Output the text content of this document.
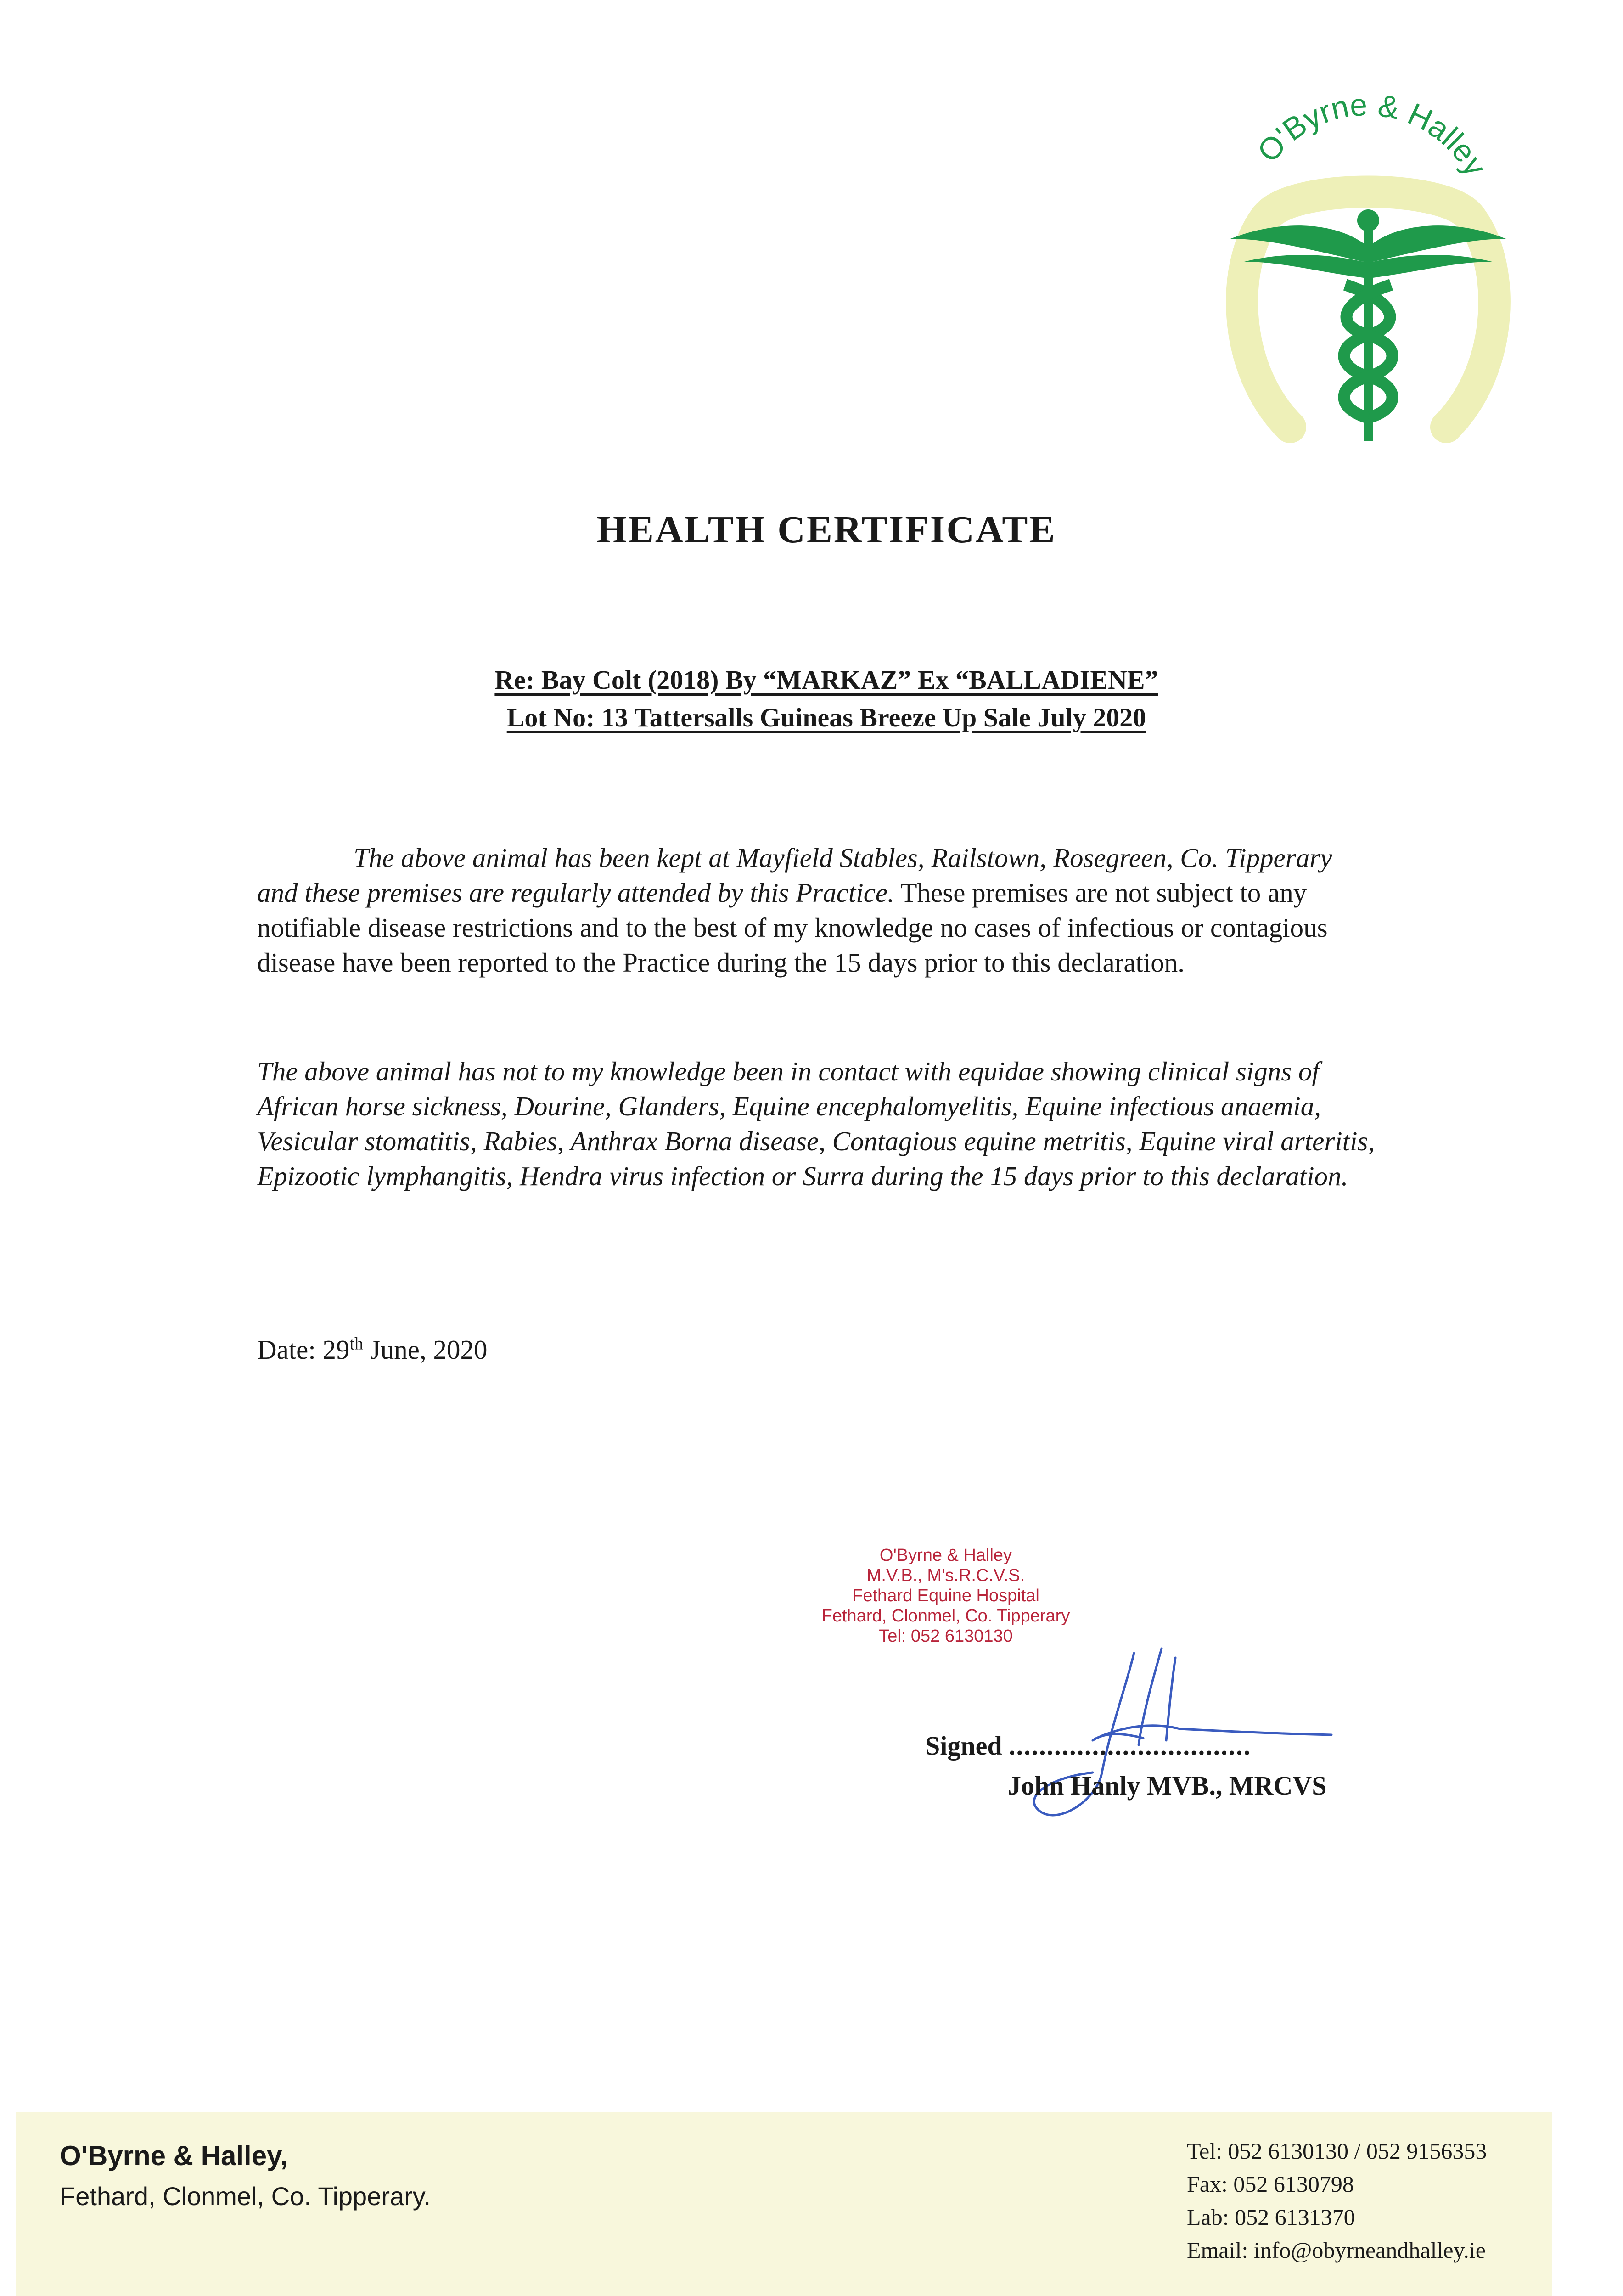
O'Byrne & Halley
HEALTH CERTIFICATE
Re: Bay Colt (2018) By “MARKAZ” Ex “BALLADIENE”
Lot No: 13 Tattersalls Guineas Breeze Up Sale July 2020
The above animal has been kept at Mayfield Stables, Railstown, Rosegreen, Co. Tipperary and these premises are regularly attended by this Practice. These premises are not subject to any notifiable disease restrictions and to the best of my knowledge no cases of infectious or contagious disease have been reported to the Practice during the 15 days prior to this declaration.
The above animal has not to my knowledge been in contact with equidae showing clinical signs of African horse sickness, Dourine, Glanders, Equine encephalomyelitis, Equine infectious anaemia, Vesicular stomatitis, Rabies, Anthrax Borna disease, Contagious equine metritis, Equine viral arteritis, Epizootic lymphangitis, Hendra virus infection or Surra during the 15 days prior to this declaration.
Date: 29th June, 2020
O'Byrne & Halley
M.V.B., M's.R.C.V.S.
Fethard Equine Hospital
Fethard, Clonmel, Co. Tipperary
Tel: 052 6130130
Signed ................................
John Hanly MVB., MRCVS
O'Byrne & Halley,
Fethard, Clonmel, Co. Tipperary.
Tel: 052 6130130 / 052 9156353
Fax: 052 6130798
Lab: 052 6131370
Email: info@obyrneandhalley.ie
